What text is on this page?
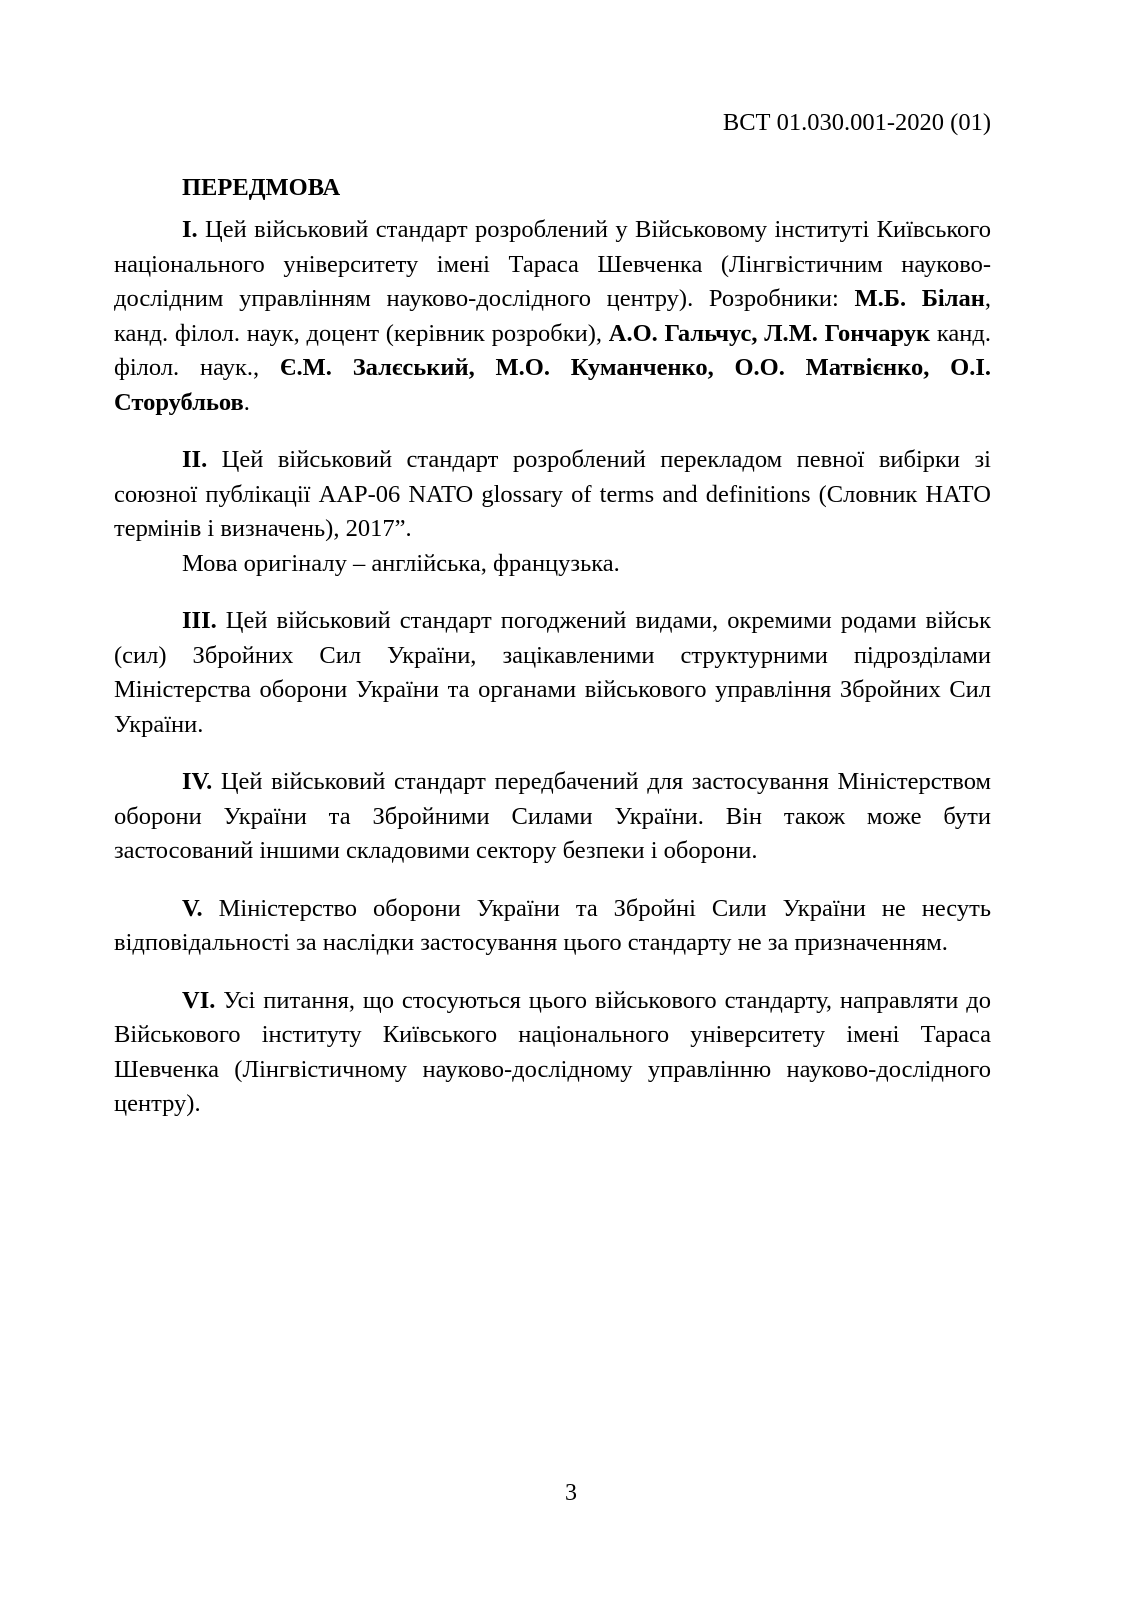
ВСТ 01.030.001-2020 (01)
ПЕРЕДМОВА

I. Цей військовий стандарт розроблений у Військовому інституті Київського національного університету імені Тараса Шевченка (Лінгвістичним науково-дослідним управлінням науково-дослідного центру). Розробники: М.Б. Білан, канд. філол. наук, доцент (керівник розробки), А.О. Гальчус, Л.М. Гончарук канд. філол. наук., Є.М. Залєський, М.О. Куманченко, О.О. Матвієнко, О.І. Сторубльов.

II. Цей військовий стандарт розроблений перекладом певної вибірки зі союзної публікації ААР-06 NATO glossary of terms and definitions (Словник НАТО термінів і визначень), 2017”.

Мова оригіналу – англійська, французька.

III. Цей військовий стандарт погоджений видами, окремими родами військ (сил) Збройних Сил України, зацікавленими структурними підрозділами Міністерства оборони України та органами військового управління Збройних Сил України.

IV. Цей військовий стандарт передбачений для застосування Міністерством оборони України та Збройними Силами України. Він також може бути застосований іншими складовими сектору безпеки і оборони.

V. Міністерство оборони України та Збройні Сили України не несуть відповідальності за наслідки застосування цього стандарту не за призначенням.

VI. Усі питання, що стосуються цього військового стандарту, направляти до Військового інституту Київського національного університету імені Тараса Шевченка (Лінгвістичному науково-дослідному управлінню науково-дослідного центру).

3
